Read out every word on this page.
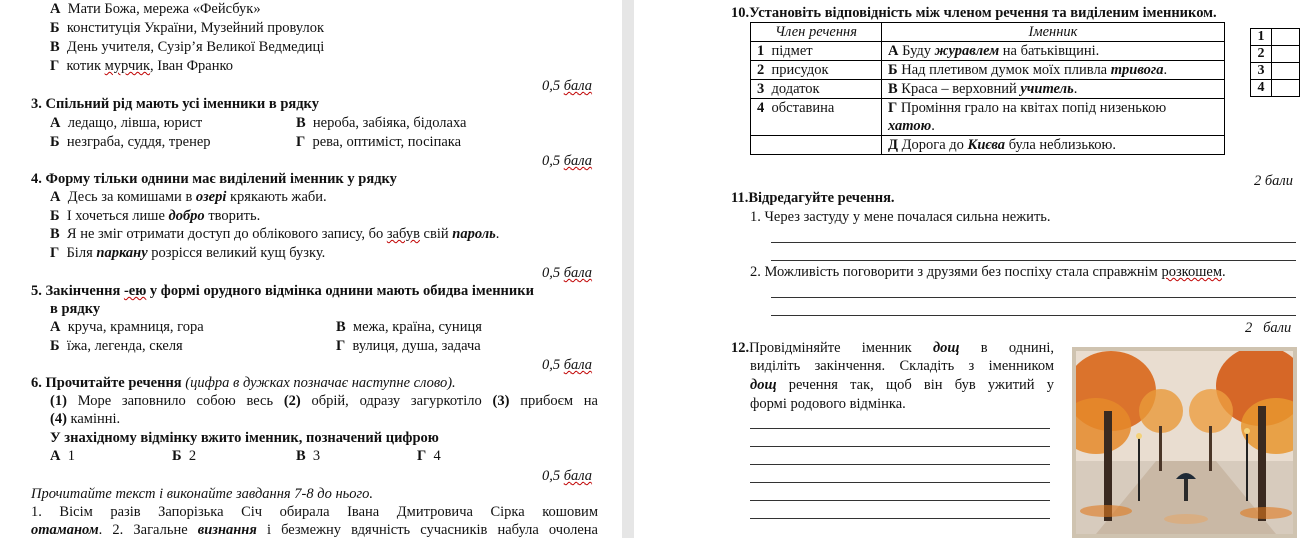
А Мати Божа, мережа «Фейсбук»
Б конституція України, Музейний провулок
В День учителя, Сузір’я Великої Ведмедиці
Г котик мурчик, Іван Франко
0,5 бала
3. Спільний рід мають усі іменники в рядку
А ледащо, лівша, юрист	В нероба, забіяка, бідолаха
Б незграба, суддя, тренер	Г рева, оптиміст, посіпака
0,5 бала
4. Форму тільки однини має виділений іменник у рядку
А Десь за комишами в озері крякають жаби.
Б І хочеться лише добро творить.
В Я не зміг отримати доступ до облікового запису, бо забув свій пароль.
Г Біля паркану розрісся великий кущ бузку.
0,5 бала
5. Закінчення -ею у формі орудного відмінка однини мають обидва іменники
в рядку
А круча, крамниця, гора	В межа, країна, суниця
Б їжа, легенда, скеля	Г вулиця, душа, задача
0,5 бала
6. Прочитайте речення (цифра в дужках позначає наступне слово).
(1) Море заповнило собою весь (2) обрій, одразу загуркотіло (3) прибоєм на
(4) камінні.
У знахідному відмінку вжито іменник, позначений цифрою
А 1	Б 2	В 3	Г 4
0,5 бала
Прочитайте текст і виконайте завдання 7-8 до нього.
1. Вісім разів Запорізька Січ обирала Івана Дмитровича Сірка кошовим
отаманом. 2. Загальне визнання і безмежну вдячність сучасників набула очолена
10.Установіть відповідність між членом речення та виділеним іменником.
Член речення	Іменник
1 підмет	А Буду журавлем на батьківщині.
2 присудок	Б Над плетивом думок моїх пливла тривога.
3 додаток	В Краса – верховний учитель.
4 обставина	Г Проміння грало на квітах попід низенькою
хатою.
	Д Дорога до Києва була неблизькою.
1	
2	
3	
4	
2 бали
11.Відредагуйте речення.
1. Через застуду у мене почалася сильна нежить.
2. Можливість поговорити з друзями без поспіху стала справжнім розкошем.
2 бали
12.Провідміняйте іменник дощ в однині,
виділіть закінчення. Складіть з іменником
дощ речення так, щоб він був ужитий у
формі родового відмінка.
